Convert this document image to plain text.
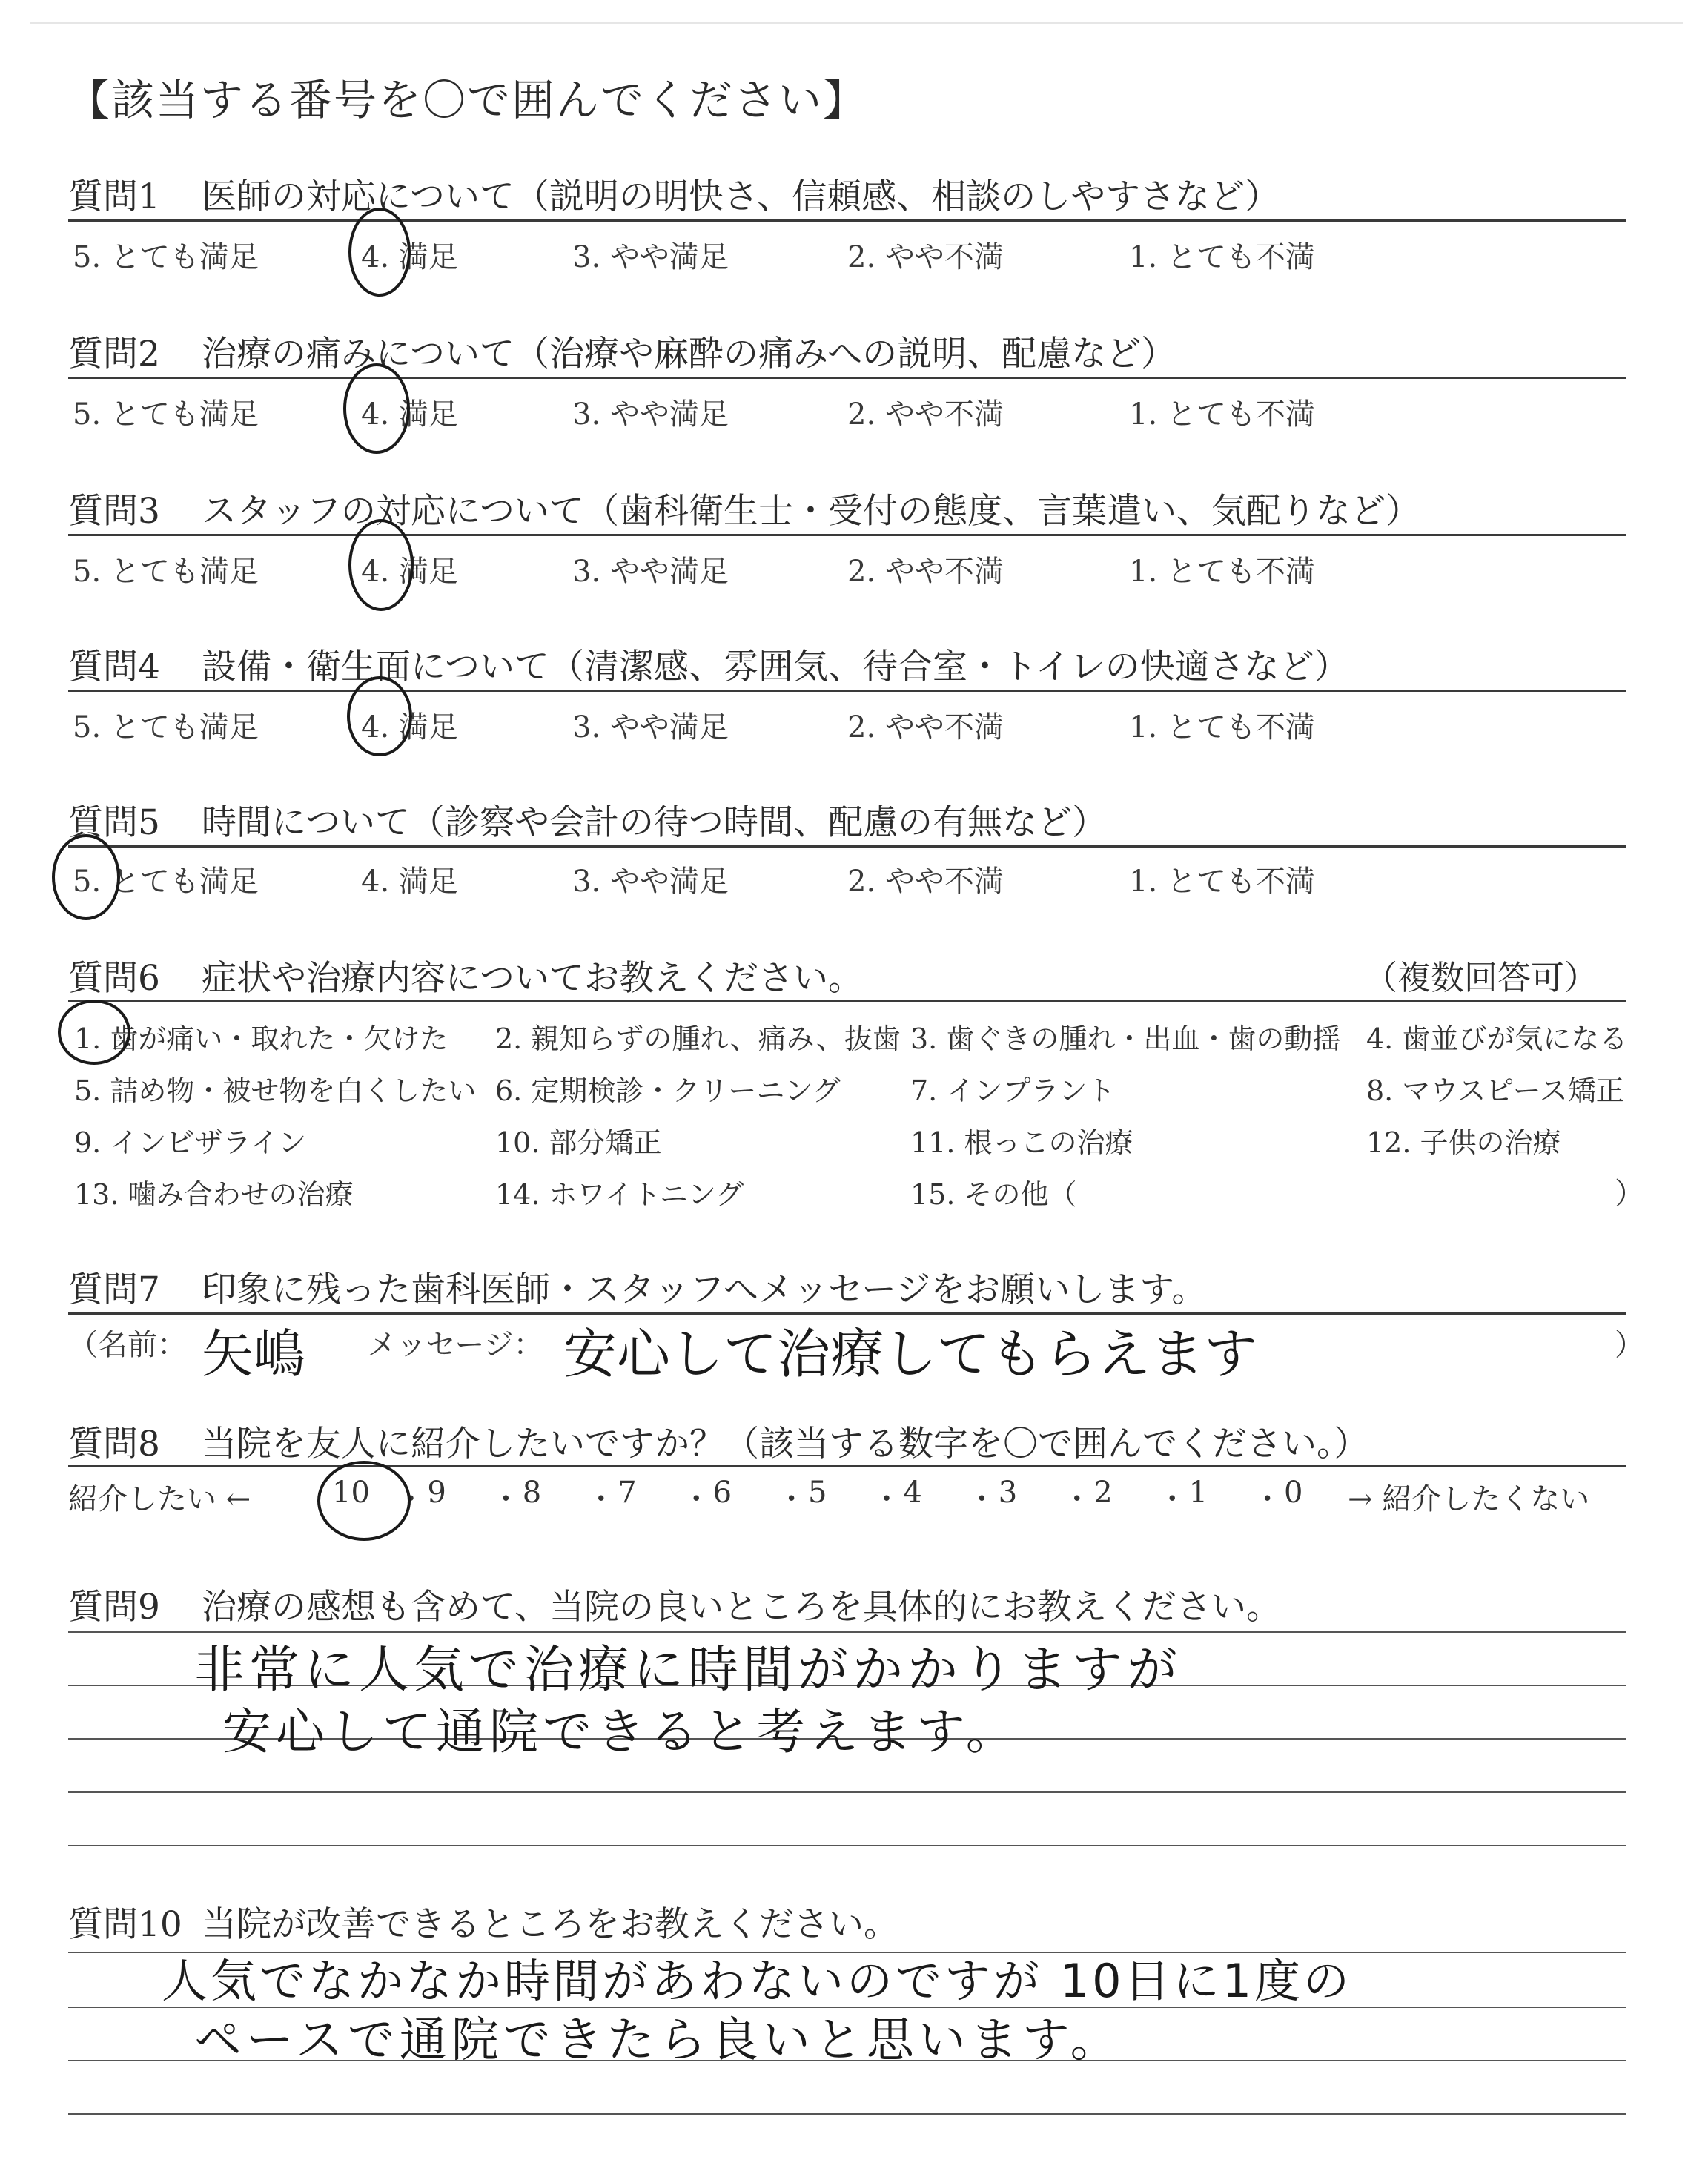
【該当する番号を〇で囲んでください】
質問1 医師の対応について（説明の明快さ、信頼感、相談のしやすさなど）
5. とても満足	4. 満足	3. やや満足	2. やや不満	1. とても不満
質問2 治療の痛みについて（治療や麻酔の痛みへの説明、配慮など）
5. とても満足	4. 満足	3. やや満足	2. やや不満	1. とても不満
質問3 スタッフの対応について（歯科衛生士・受付の態度、言葉遣い、気配りなど）
5. とても満足	4. 満足	3. やや満足	2. やや不満	1. とても不満
質問4 設備・衛生面について（清潔感、雰囲気、待合室・トイレの快適さなど）
5. とても満足	4. 満足	3. やや満足	2. やや不満	1. とても不満
質問5 時間について（診察や会計の待つ時間、配慮の有無など）
5. とても満足	4. 満足	3. やや満足	2. やや不満	1. とても不満
質問6 症状や治療内容についてお教えください。	（複数回答可）
1. 歯が痛い・取れた・欠けた 2. 親知らずの腫れ、痛み、抜歯 3. 歯ぐきの腫れ・出血・歯の動揺 4. 歯並びが気になる
5. 詰め物・被せ物を白くしたい 6. 定期検診・クリーニング 7. インプラント	8. マウスピース矯正
9. インビザライン	10. 部分矯正	11. 根っこの治療	12. 子供の治療
13. 噛み合わせの治療	14. ホワイトニング	15. その他（	）
質問7 印象に残った歯科医師・スタッフへメッセージをお願いします。
（名前： 矢嶋 メッセージ： 安心して治療してもらえます	）
質問8 当院を友人に紹介したいですか？（該当する数字を〇で囲んでください。）
紹介したい ←	10 ・ 9 ・ 8 ・ 7 ・ 6 ・ 5 ・ 4 ・ 3 ・ 2 ・ 1 ・ 0 → 紹介したくない
質問9 治療の感想も含めて、当院の良いところを具体的にお教えください。
非常に人気で治療に時間がかかりますが
安心して通院できると考えます。
質問10 当院が改善できるところをお教えください。
人気でなかなか時間があわないのですが 10日に1度の
ペースで通院できたら良いと思います。
